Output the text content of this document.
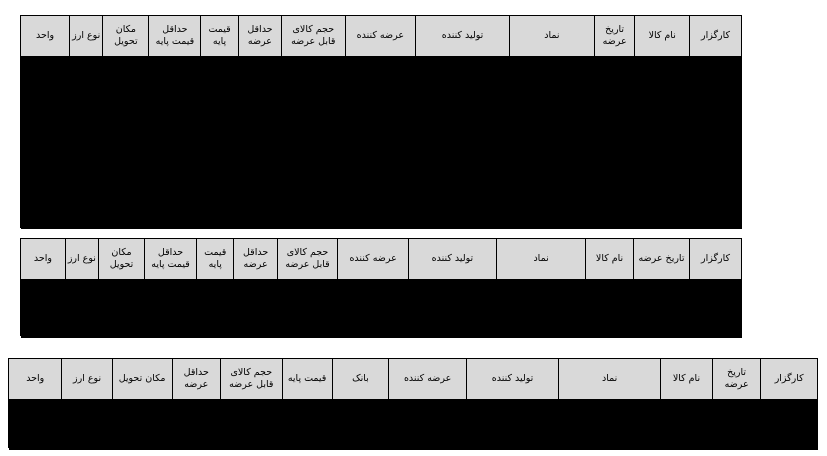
کارگزار	نام کالا	تاریخ عرضه	نماد	تولید کننده	عرضه کننده	حجم کالای قابل عرضه	حداقل عرضه	قیمت پایه	حداقل قیمت پایه	مکان تحویل	نوع ارز	واحد

کارگزار	تاریخ عرضه	نام کالا	نماد	تولید کننده	عرضه کننده	حجم کالای قابل عرضه	حداقل عرضه	قیمت پایه	حداقل قیمت پایه	مکان تحویل	نوع ارز	واحد

کارگزار	تاریخ عرضه	نام کالا	نماد	تولید کننده	عرضه کننده	بانک	قیمت پایه	حجم کالای قابل عرضه	حداقل عرضه	مکان تحویل	نوع ارز	واحد
